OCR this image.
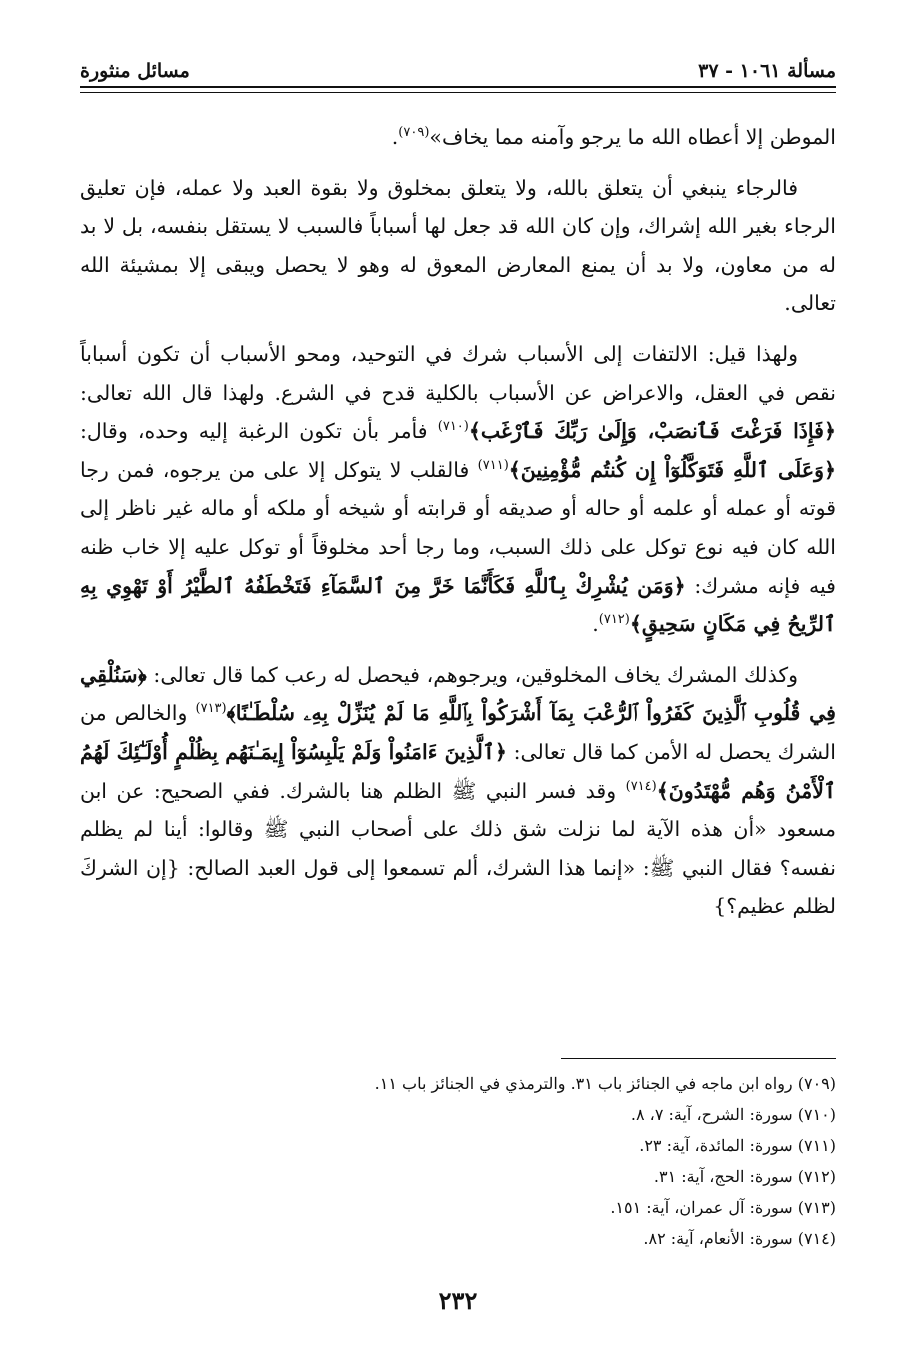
مسألة ١٠٦١ - ٣٧
مسائل منثورة

الموطن إلا أعطاه الله ما يرجو وآمنه مما يخاف»$^{(٧٠٩)}$.

فالرجاء ينبغي أن يتعلق بالله، ولا يتعلق بمخلوق ولا بقوة العبد ولا عمله، فإن تعليق الرجاء بغير الله إشراك، وإن كان الله قد جعل لها أسباباً فالسبب لا يستقل بنفسه، بل لا بد له من معاون، ولا بد أن يمنع المعارض المعوق له وهو لا يحصل ويبقى إلا بمشيئة الله تعالى.

ولهذا قيل: الالتفات إلى الأسباب شرك في التوحيد، ومحو الأسباب أن تكون أسباباً نقص في العقل، والاعراض عن الأسباب بالكلية قدح في الشرع. ولهذا قال الله تعالى: ﴿فَإِذَا فَرَغْتَ فَٱنصَبْ، وَإِلَىٰ رَبِّكَ فَٱرْغَب﴾$^{(٧١٠)}$ فأمر بأن تكون الرغبة إليه وحده، وقال: ﴿وَعَلَى ٱللَّهِ فَتَوَكَّلُوٓاْ إِن كُنتُم مُّؤْمِنِينَ﴾$^{(٧١١)}$ فالقلب لا يتوكل إلا على من يرجوه، فمن رجا قوته أو عمله أو علمه أو حاله أو صديقه أو قرابته أو شيخه أو ملكه أو ماله غير ناظر إلى الله كان فيه نوع توكل على ذلك السبب، وما رجا أحد مخلوقاً أو توكل عليه إلا خاب ظنه فيه فإنه مشرك: ﴿وَمَن يُشْرِكْ بِٱللَّهِ فَكَأَنَّمَا خَرَّ مِنَ ٱلسَّمَآءِ فَتَخْطَفُهُ ٱلطَّيْرُ أَوْ تَهْوِي بِهِ ٱلرِّيحُ فِي مَكَانٍ سَحِيقٍ﴾$^{(٧١٢)}$.

وكذلك المشرك يخاف المخلوقين، ويرجوهم، فيحصل له رعب كما قال تعالى: ﴿سَنُلْقِي فِي قُلُوبِ ٱلَّذِينَ كَفَرُواْ ٱلرُّعْبَ بِمَآ أَشْرَكُواْ بِٱللَّهِ مَا لَمْ يُنَزِّلْ بِهِۦ سُلْطَـٰنًا﴾$^{(٧١٣)}$ والخالص من الشرك يحصل له الأمن كما قال تعالى: ﴿ٱلَّذِينَ ءَامَنُواْ وَلَمْ يَلْبِسُوٓاْ إِيمَـٰنَهُم بِظُلْمٍ أُوْلَـٰٓئِكَ لَهُمُ ٱلْأَمْنُ وَهُم مُّهْتَدُونَ﴾$^{(٧١٤)}$ وقد فسر النبي ﷺ الظلم هنا بالشرك. ففي الصحيح: عن ابن مسعود «أن هذه الآية لما نزلت شق ذلك على أصحاب النبي ﷺ وقالوا: أينا لم يظلم نفسه؟ فقال النبي ﷺ: «إنما هذا الشرك، ألم تسمعوا إلى قول العبد الصالح: {إن الشركَ لظلم عظيم؟}

(٧٠٩) رواه ابن ماجه في الجنائز باب ٣١. والترمذي في الجنائز باب ١١.
(٧١٠) سورة: الشرح، آية: ٧، ٨.
(٧١١) سورة: المائدة، آية: ٢٣.
(٧١٢) سورة: الحج، آية: ٣١.
(٧١٣) سورة: آل عمران، آية: ١٥١.
(٧١٤) سورة: الأنعام، آية: ٨٢.
٢٣٢
